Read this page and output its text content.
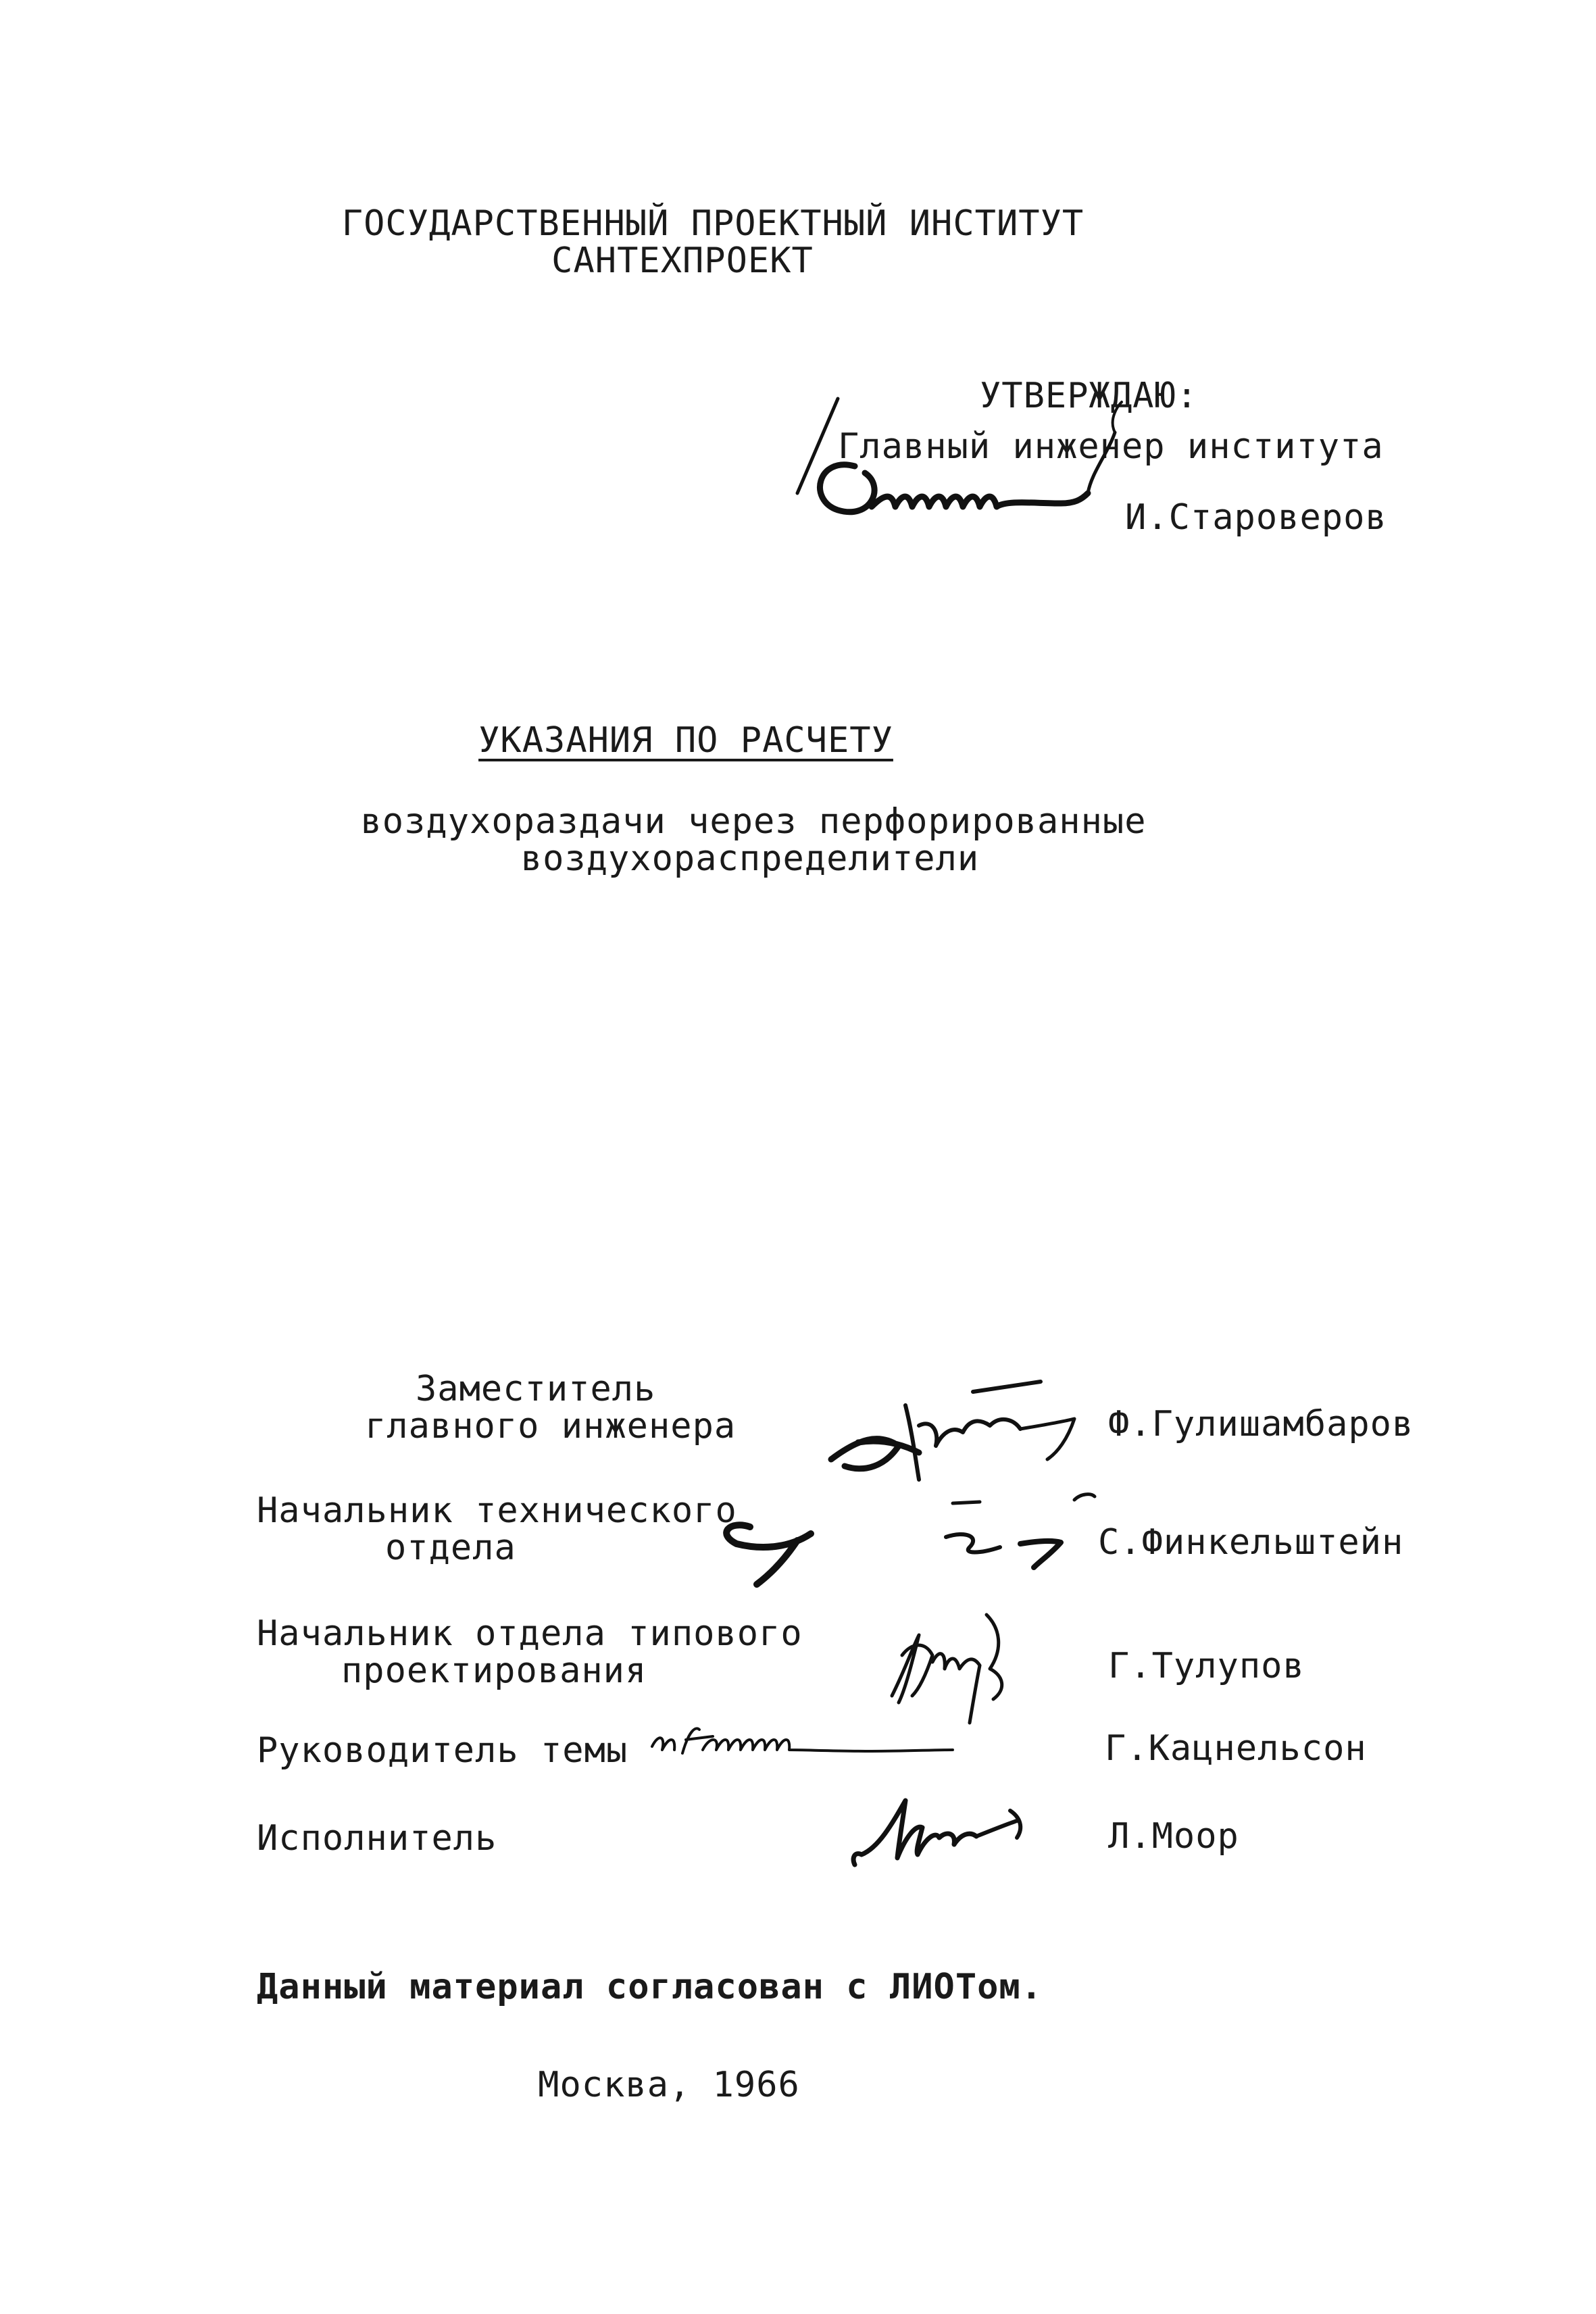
ГОСУДАРСТВЕННЫЙ ПРОЕКТНЫЙ ИНСТИТУТ
САНТЕХПРОЕКТ
УТВЕРЖДАЮ:
Главный инженер института
И.Староверов
УКАЗАНИЯ ПО РАСЧЕТУ
воздухораздачи через перфорированные
воздухораспределители
Заместитель
главного инженера	Ф.Гулишамбаров
Начальник технического
отдела	С.Финкельштейн
Начальник отдела типового
проектирования	Г.Тулупов
Руководитель темы	Г.Кацнельсон
Исполнитель	Л.Моор
Данный материал согласован с ЛИОТом.
Москва, 1966
